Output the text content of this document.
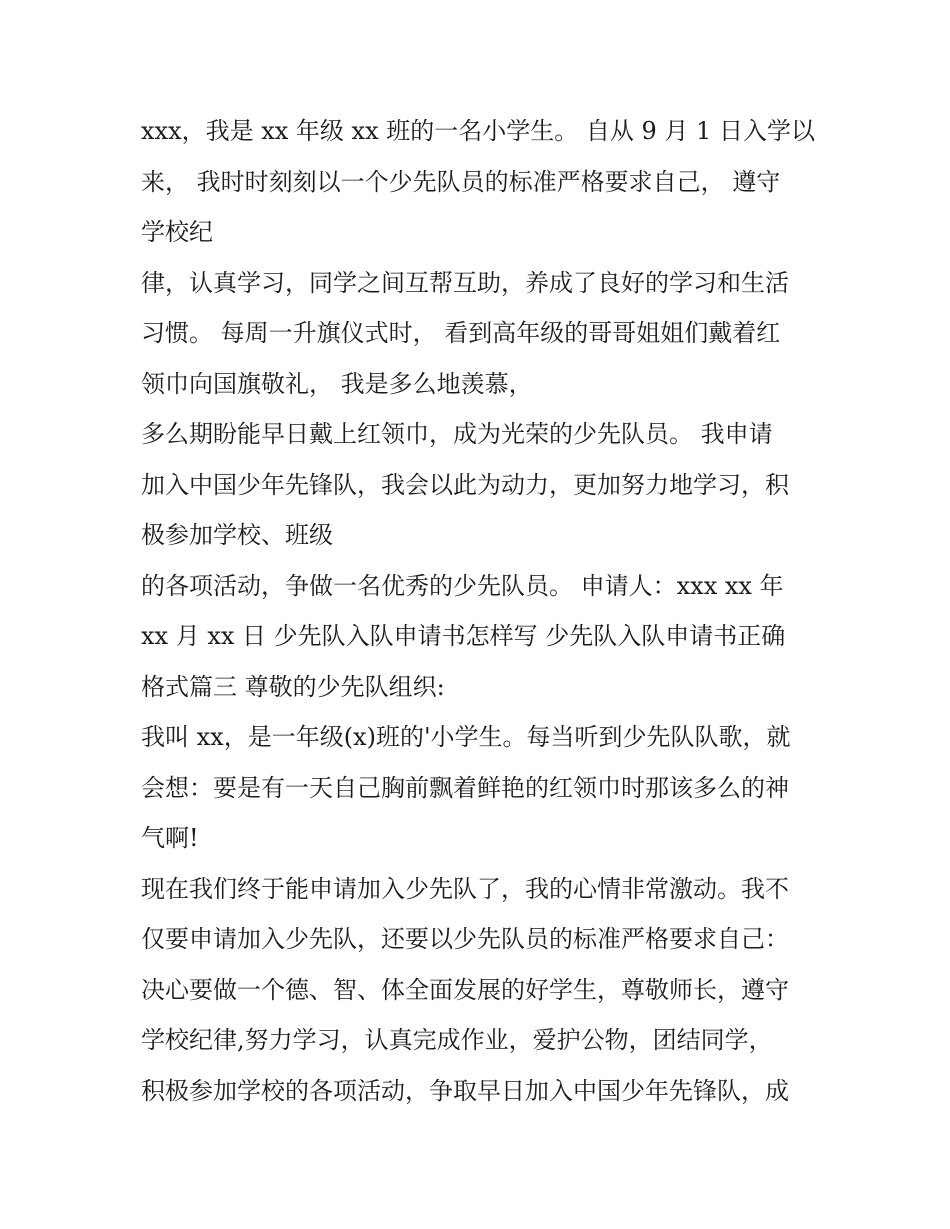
xxx，我是 xx 年级 xx 班的一名小学生。 自从 9 月 1 日入学以
来， 我时时刻刻以一个少先队员的标准严格要求自己， 遵守
学校纪
律，认真学习，同学之间互帮互助，养成了良好的学习和生活
习惯。 每周一升旗仪式时， 看到高年级的哥哥姐姐们戴着红
领巾向国旗敬礼， 我是多么地羡慕，
多么期盼能早日戴上红领巾，成为光荣的少先队员。 我申请
加入中国少年先锋队，我会以此为动力，更加努力地学习，积
极参加学校、班级
的各项活动，争做一名优秀的少先队员。 申请人：xxx xx 年
xx 月 xx 日 少先队入队申请书怎样写 少先队入队申请书正确
格式篇三 尊敬的少先队组织:
我叫 xx，是一年级(x)班的'小学生。每当听到少先队队歌，就
会想：要是有一天自己胸前飘着鲜艳的红领巾时那该多么的神
气啊!
现在我们终于能申请加入少先队了，我的心情非常激动。我不
仅要申请加入少先队，还要以少先队员的标准严格要求自己：
决心要做一个德、智、体全面发展的好学生，尊敬师长，遵守
学校纪律,努力学习，认真完成作业，爱护公物，团结同学，
积极参加学校的各项活动，争取早日加入中国少年先锋队，成
